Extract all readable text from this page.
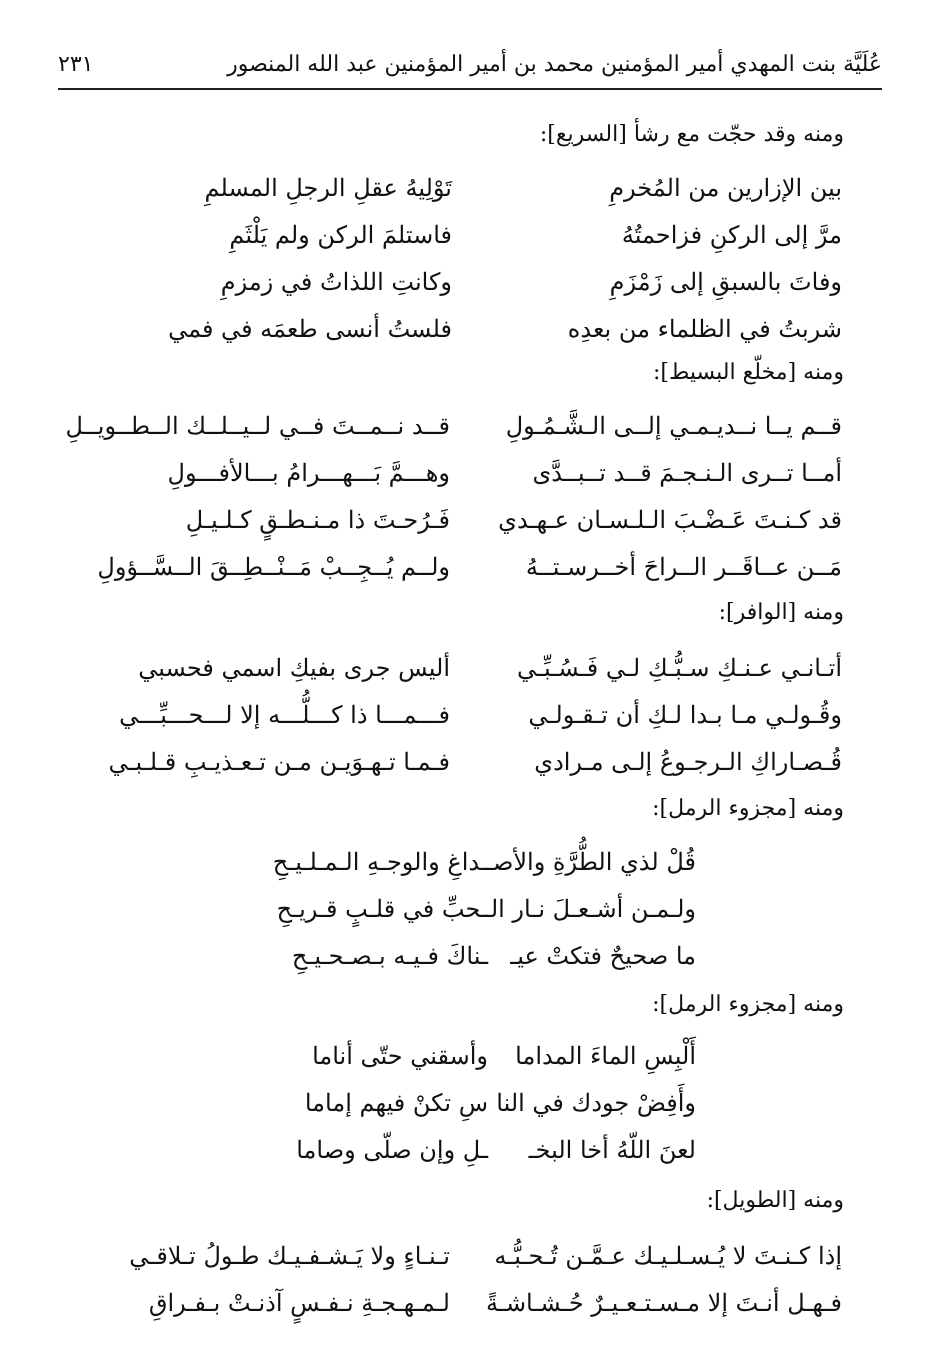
عُلَيَّة بنت المهدي أمير المؤمنين محمد بن أمير المؤمنين عبد الله المنصور
٢٣١
ومنه وقد حجّت مع رشأ [السريع]:
بين الإزارين من المُخرمِ
تَوْلِيهُ عقلِ الرجلِ المسلمِ
مرَّ إلى الركنِ فزاحمتُهُ
فاستلمَ الركن ولم يَلْثَمِ
وفاتَ بالسبقِ إلى زَمْزَمِ
وكانتِ اللذاتُ في زمزمِ
شربتُ في الظلماء من بعدِه
فلستُ أنسى طعمَه في فمي
ومنه [مخلّع البسيط]:
قــم يــا نــديـمـي إلــى الـشَّـمُـولِ
قــد نــمــتَ فــي لــيــلــك الــطــويــلِ
أمــا تــرى الـنـجـمَ قــد تــبــدَّى
وهـــمَّ بَـــهـــرامُ بـــالأفـــولِ
قد كـنـتَ عَـضْـبَ الـلـسـان عـهـدي
فَـرُحـتَ ذا مـنـطـقٍ كـلـيـلِ
مَــن عــاقَــر الــراحَ أخــرسـتــهُ
ولــم يُــجِــبْ مَــنْــطِــقَ الــسَّــؤولِ
ومنه [الوافر]:
أتـانـي عـنـكِ سـبُّـكِ لـي فَـسُـبِّـي
أليس جرى بفيكِ اسمي فحسبي
وقُـولـي مـا بـدا لـكِ أن تـقـولـي
فـــمـــا ذا كـــلُّـــه إلا لـــحـــبِّـــي
قُـصـاراكِ الـرجـوعُ إلـى مـرادي
فـمـا تـهـوَيـن مـن تـعـذيـبِ قـلـبـي
ومنه [مجزوء الرمل]:
قُلْ لذي الطُّرَّةِ والأصـ
ـداغِ والوجـهِ الـمـلـيـحِ
ولـمـن أشـعـلَ نـار الـ
ـحبِّ في قلـبٍ قـريـحِ
ما صحيحٌ فتكتْ عيـ
ـناكَ فـيـه بـصـحـيـحِ
ومنه [مجزوء الرمل]:
أَلْبِسِ الماءَ المداما
وأسقني حتّى أناما
وأَفِضْ جودك في النا
سِ تكنْ فيهم إماما
لعنَ اللّهُ أخا البخـ
ـلِ وإن صلّى وصاما
ومنه [الطويل]:
إذا كـنـتَ لا يُـسـلـيـك عـمَّـن تُـحـبُّـه
تـنـاءٍ ولا يَـشـفـيـك طـولُ تـلاقـي
فـهـل أنـتَ إلا مـسـتـعـيـرٌ حُـشـاشـةً
لـمـهـجـةِ نـفـسٍ آذنـتْ بـفـراقِ
